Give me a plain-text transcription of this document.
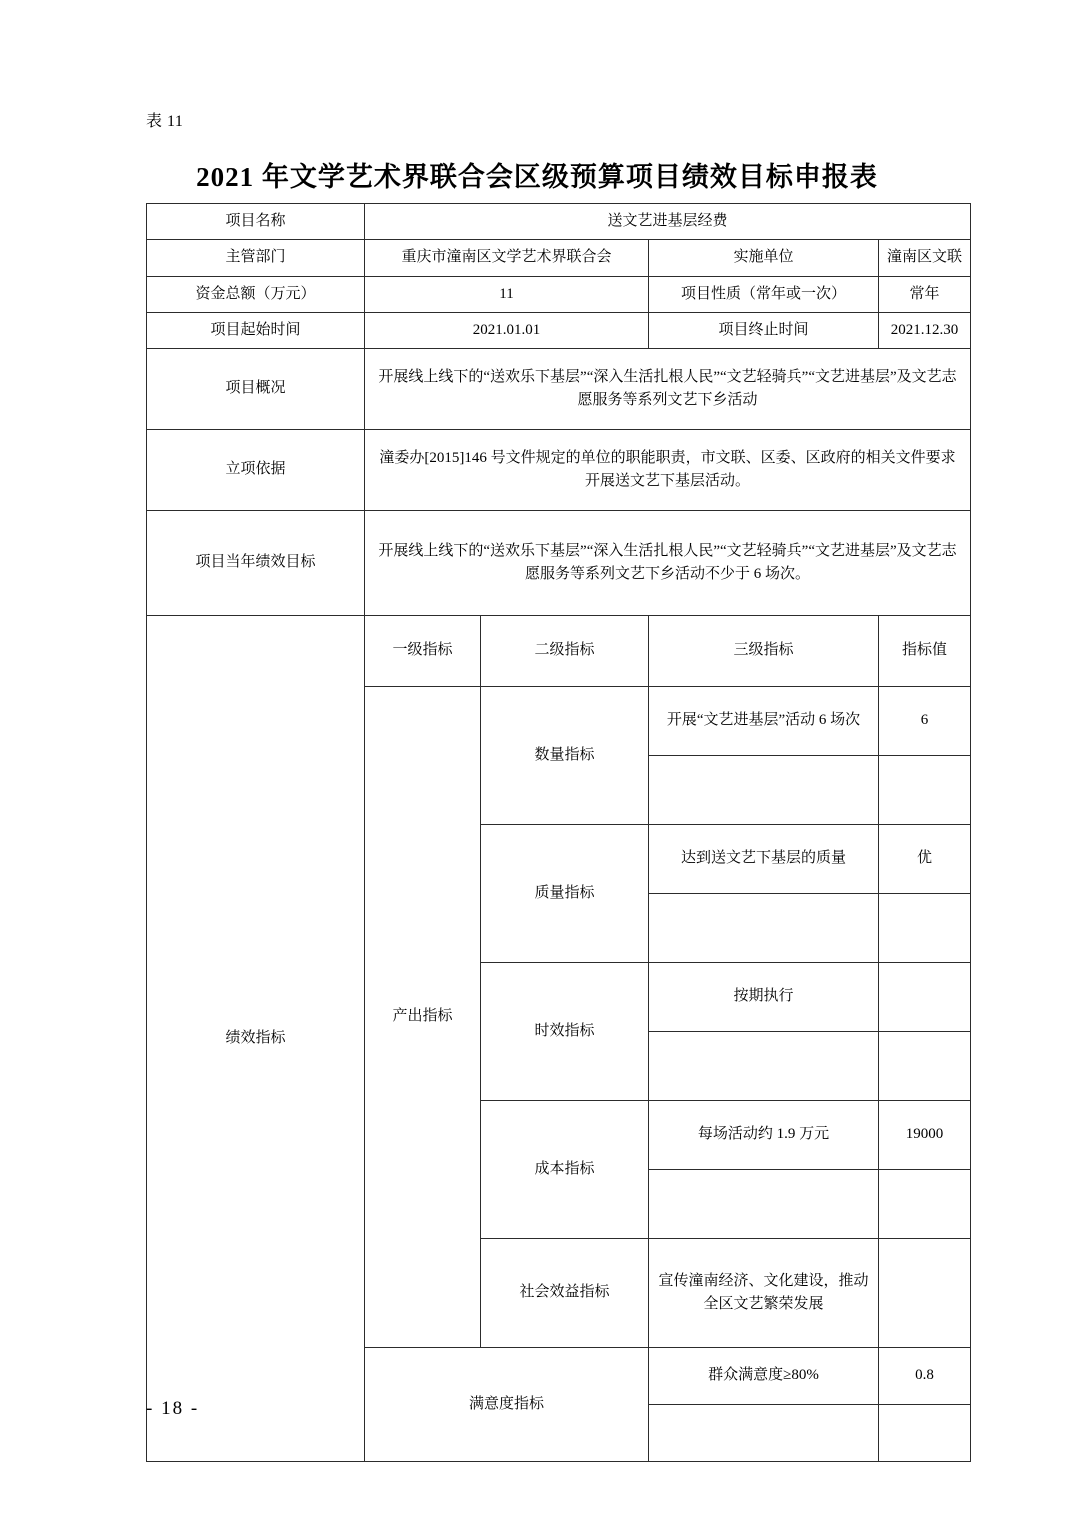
表 11
2021 年文学艺术界联合会区级预算项目绩效目标申报表
项目名称	送文艺进基层经费			
主管部门	重庆市潼南区文学艺术界联合会		实施单位	潼南区文联
资金总额（万元）	11		项目性质（常年或一次）	常年
项目起始时间	2021.01.01		项目终止时间	2021.12.30
项目概况	开展线上线下的“送欢乐下基层”“深入生活扎根人民”“文艺轻骑兵”“文艺进基层”及文艺志愿服务等系列文艺下乡活动			
立项依据	潼委办[2015]146 号文件规定的单位的职能职责，市文联、区委、区政府的相关文件要求开展送文艺下基层活动。			
项目当年绩效目标	开展线上线下的“送欢乐下基层”“深入生活扎根人民”“文艺轻骑兵”“文艺进基层”及文艺志愿服务等系列文艺下乡活动不少于 6 场次。			
绩效指标	一级指标	二级指标	三级指标	指标值
	产出指标	数量指标	开展“文艺进基层”活动 6 场次	6

		质量指标	达到送文艺下基层的质量	优

		时效指标	按期执行	

		成本指标	每场活动约 1.9 万元	19000

		社会效益指标	宣传潼南经济、文化建设，推动全区文艺繁荣发展	
	满意度指标		群众满意度≥80%	0.8

- 18 -
